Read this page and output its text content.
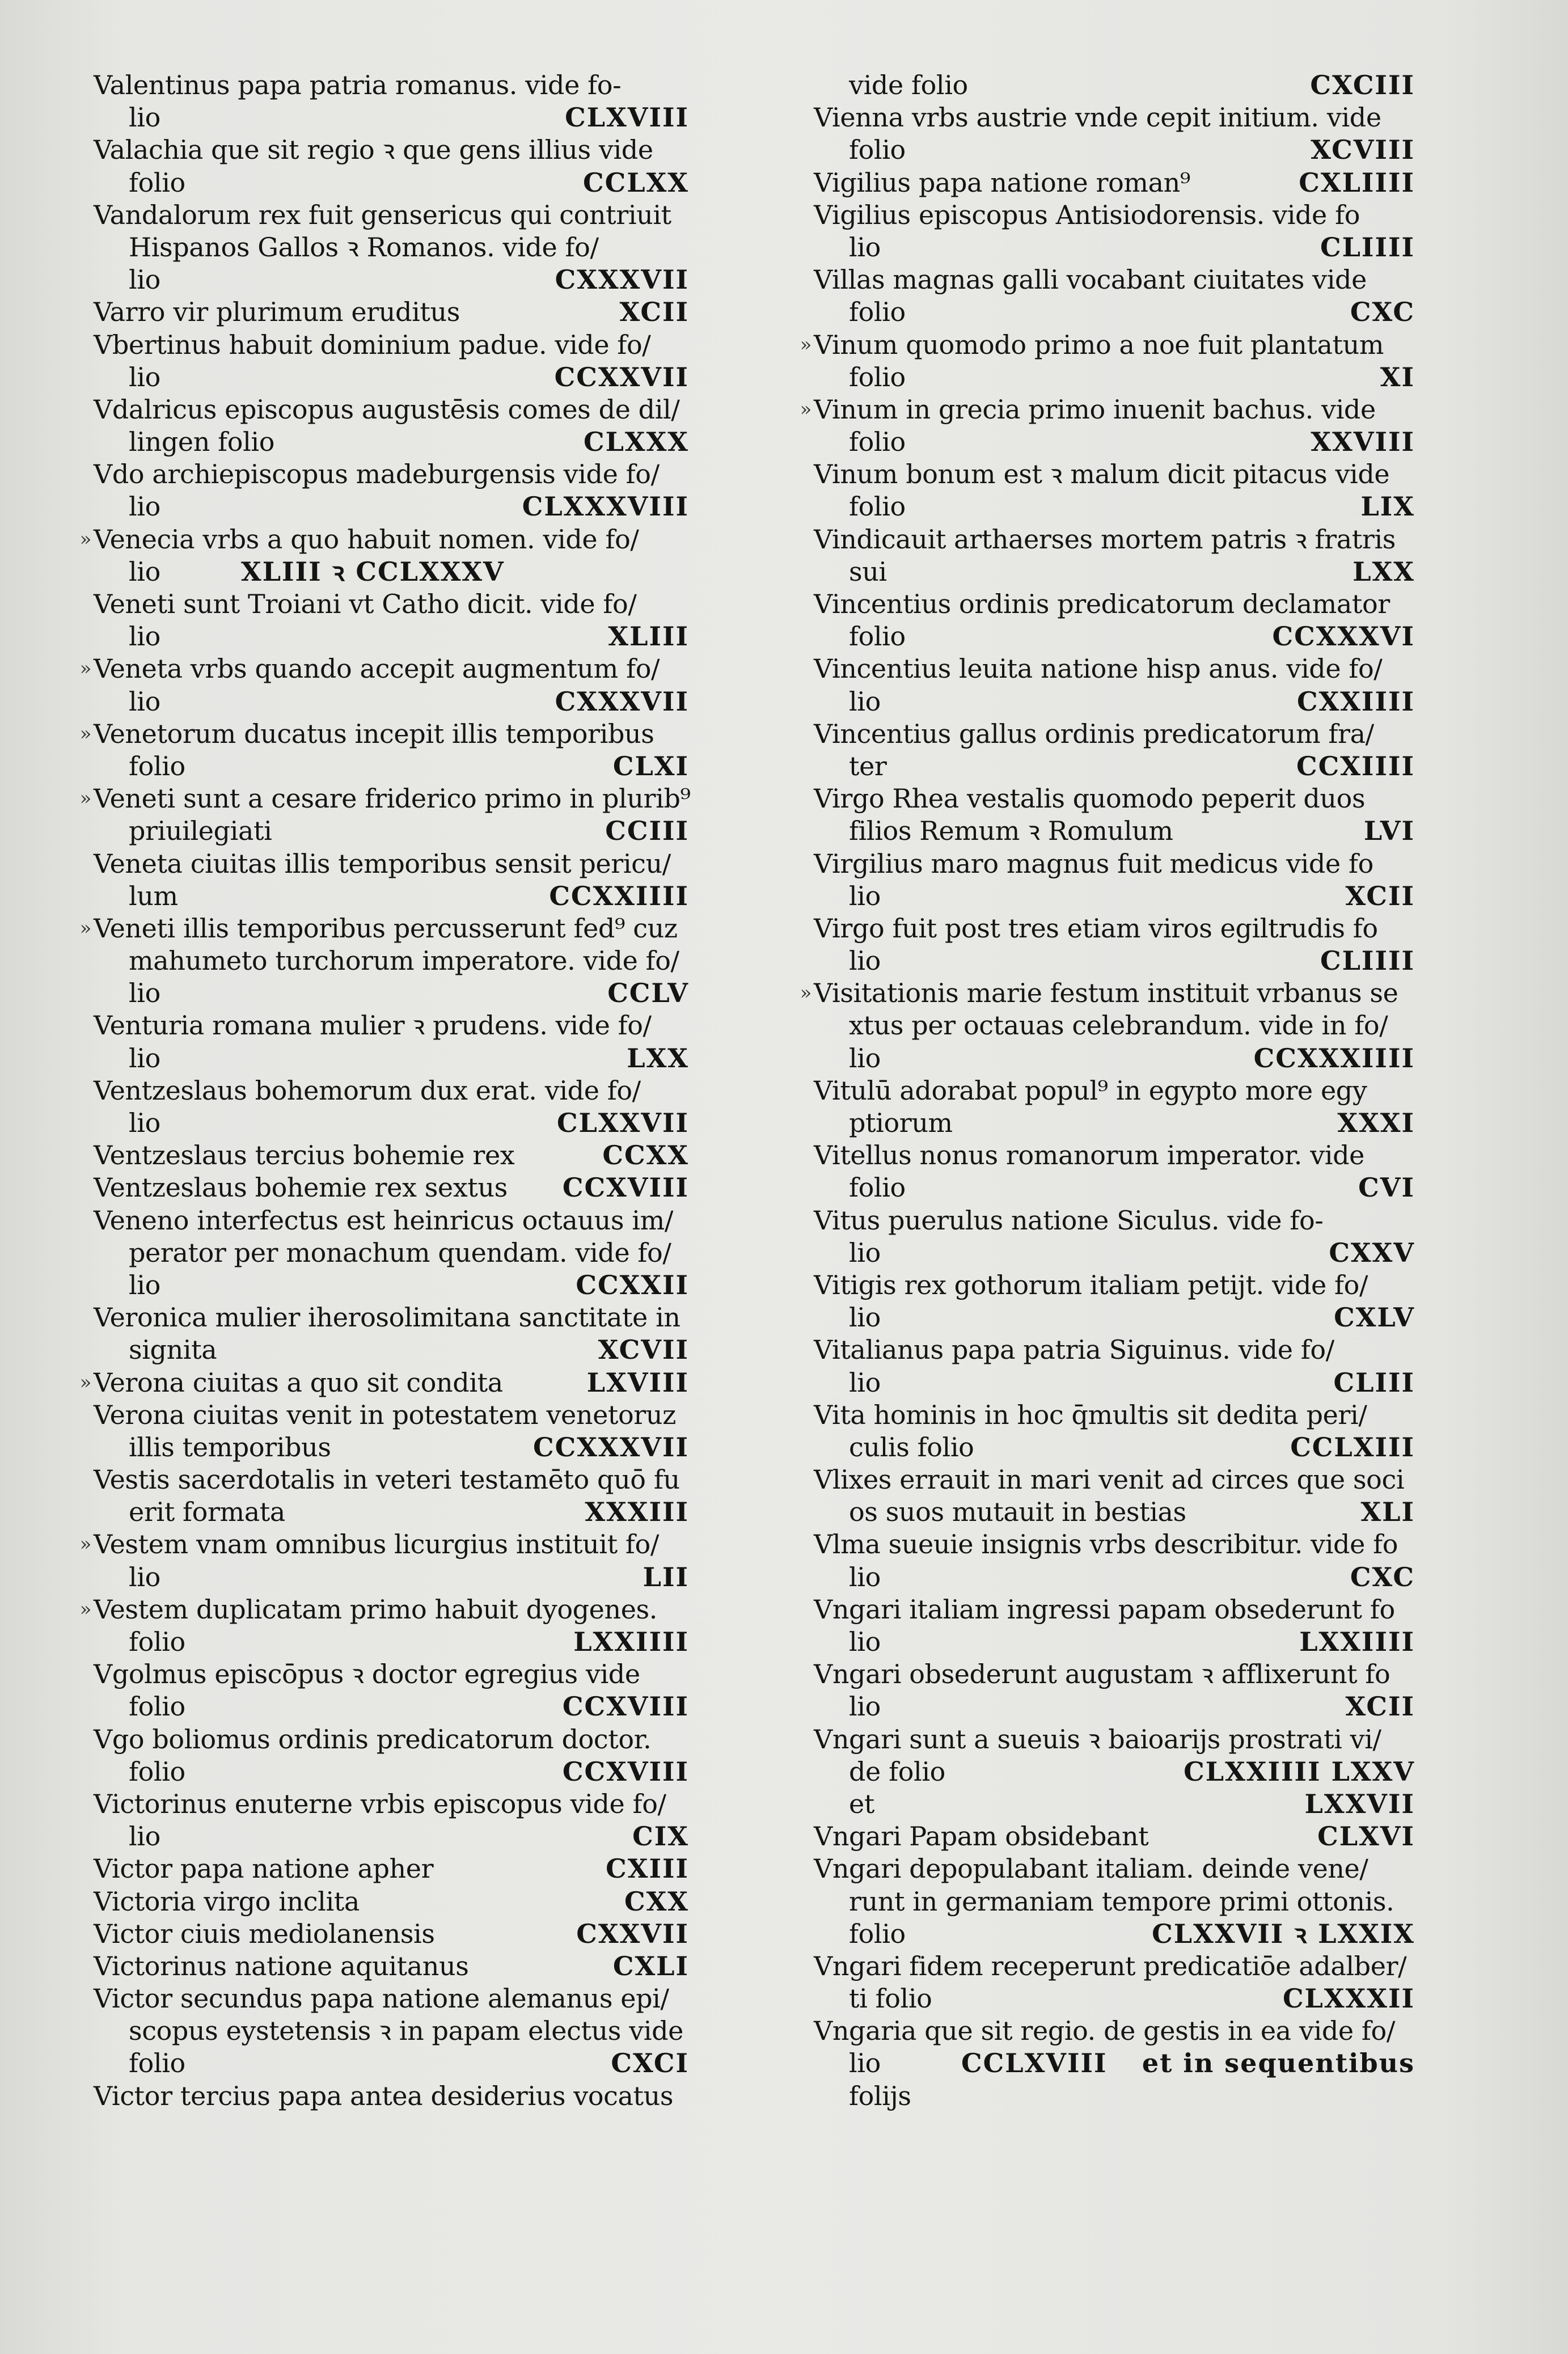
Valentinus papa patria romanus. vide fo-
lio	CLXVIII
Valachia que sit regio ꝛ que gens illius vide
folio	CCLXX
Vandalorum rex fuit gensericus qui contriuit
Hispanos Gallos ꝛ Romanos. vide fo/
lio	CXXXVII
Varro vir plurimum eruditus	XCII
Vbertinus habuit dominium padue. vide fo/
lio	CCXXVII
Vdalricus episcopus augustēsis comes de dil/
lingen folio	CLXXX
Vdo archiepiscopus madeburgensis vide fo/
lio	CLXXXVIII
» Venecia vrbs a quo habuit nomen. vide fo/
lio	XLIII ꝛ CCLXXXV
Veneti sunt Troiani vt Catho dicit. vide fo/
lio	XLIII
» Veneta vrbs quando accepit augmentum fo/
lio	CXXXVII
» Venetorum ducatus incepit illis temporibus
folio	CLXI
» Veneti sunt a cesare friderico primo in plurib⁹
priuilegiati	CCIII
Veneta ciuitas illis temporibus sensit pericu/
lum	CCXXIIII
» Veneti illis temporibus percusserunt fed⁹ cuz
mahumeto turchorum imperatore. vide fo/
lio	CCLV
Venturia romana mulier ꝛ prudens. vide fo/
lio	LXX
Ventzeslaus bohemorum dux erat. vide fo/
lio	CLXXVII
Ventzeslaus tercius bohemie rex	CCXX
Ventzeslaus bohemie rex sextus CCXVIII
Veneno interfectus est heinricus octauus im/
perator per monachum quendam. vide fo/
lio	CCXXII
Veronica mulier iherosolimitana sanctitate in
signita	XCVII
» Verona ciuitas a quo sit condita	LXVIII
Verona ciuitas venit in potestatem venetoruz
illis temporibus	CCXXXVII
Vestis sacerdotalis in veteri testamēto quō fu
erit formata	XXXIII
» Vestem vnam omnibus licurgius instituit fo/
lio	LII
» Vestem duplicatam primo habuit dyogenes.
folio	LXXIIII
Vgolmus episcōpus ꝛ doctor egregius vide
folio	CCXVIII
Vgo boliomus ordinis predicatorum doctor.
folio	CCXVIII
Victorinus enuterne vrbis episcopus vide fo/
lio	CIX
Victor papa natione apher	CXIII
Victoria virgo inclita	CXX
Victor ciuis mediolanensis	CXXVII
Victorinus natione aquitanus	CXLI
Victor secundus papa natione alemanus epi/
scopus eystetensis ꝛ in papam electus vide
folio	CXCI
Victor tercius papa antea desiderius vocatus
vide folio	CXCIII
Vienna vrbs austrie vnde cepit initium. vide
folio	XCVIII
Vigilius papa natione roman⁹	CXLIIII
Vigilius episcopus Antisiodorensis. vide fo
lio	CLIIII
Villas magnas galli vocabant ciuitates vide
folio	CXC
» Vinum quomodo primo a noe fuit plantatum
folio	XI
» Vinum in grecia primo inuenit bachus. vide
folio	XXVIII
Vinum bonum est ꝛ malum dicit pitacus vide
folio	LIX
Vindicauit arthaerses mortem patris ꝛ fratris
sui	LXX
Vincentius ordinis predicatorum declamator
folio	CCXXXVI
Vincentius leuita natione hisp anus. vide fo/
lio	CXXIIII
Vincentius gallus ordinis predicatorum fra/
ter	CCXIIII
Virgo Rhea vestalis quomodo peperit duos
filios Remum ꝛ Romulum	LVI
Virgilius maro magnus fuit medicus vide fo
lio	XCII
Virgo fuit post tres etiam viros egiltrudis fo
lio	CLIIII
» Visitationis marie festum instituit vrbanus se
xtus per octauas celebrandum. vide in fo/
lio	CCXXXIIII
Vitulū adorabat popul⁹ in egypto more egy
ptiorum	XXXI
Vitellus nonus romanorum imperator. vide
folio	CVI
Vitus puerulus natione Siculus. vide fo-
lio	CXXV
Vitigis rex gothorum italiam petijt. vide fo/
lio	CXLV
Vitalianus papa patria Siguinus. vide fo/
lio	CLIII
Vita hominis in hoc q̄multis sit dedita peri/
culis folio	CCLXIII
Vlixes errauit in mari venit ad circes que soci
os suos mutauit in bestias	XLI
Vlma sueuie insignis vrbs describitur. vide fo
lio	CXC
Vngari italiam ingressi papam obsederunt fo
lio	LXXIIII
Vngari obsederunt augustam ꝛ afflixerunt fo
lio	XCII
Vngari sunt a sueuis ꝛ baioarijs prostrati vi/
de folio	CLXXIIII LXXV
et	LXXVII
Vngari Papam obsidebant	CLXVI
Vngari depopulabant italiam. deinde vene/
runt in germaniam tempore primi ottonis.
folio	CLXXVII ꝛ LXXIX
Vngari fidem receperunt predicatiōe adalber/
ti folio	CLXXXII
Vngaria que sit regio. de gestis in ea vide fo/
lio	CCLXVIII et in sequentibus
folijs
